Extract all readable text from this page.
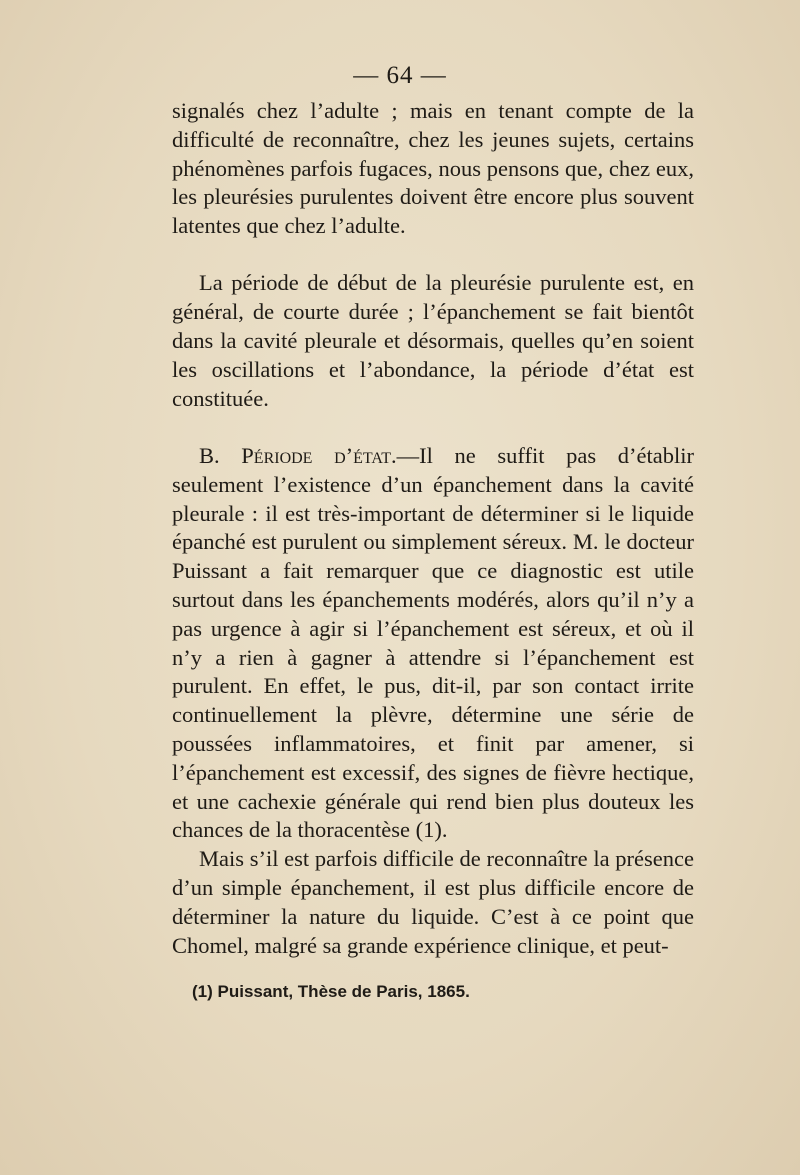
— 64 —

signalés chez l’adulte ; mais en tenant compte de la difficulté de reconnaître, chez les jeunes sujets, certains phénomènes parfois fugaces, nous pensons que, chez eux, les pleurésies purulentes doivent être encore plus souvent latentes que chez l’adulte.

La période de début de la pleurésie purulente est, en général, de courte durée ; l’épanchement se fait bientôt dans la cavité pleurale et désormais, quelles qu’en soient les oscillations et l’abondance, la période d’état est constituée.

B. Période d’état.—Il ne suffit pas d’établir seulement l’existence d’un épanchement dans la cavité pleurale : il est très-important de déterminer si le liquide épanché est purulent ou simplement séreux. M. le docteur Puissant a fait remarquer que ce diagnostic est utile surtout dans les épanchements modérés, alors qu’il n’y a pas urgence à agir si l’épanchement est séreux, et où il n’y a rien à gagner à attendre si l’épanchement est purulent. En effet, le pus, dit-il, par son contact irrite continuellement la plèvre, détermine une série de poussées inflammatoires, et finit par amener, si l’épanchement est excessif, des signes de fièvre hectique, et une cachexie générale qui rend bien plus douteux les chances de la thoracentèse (1).

Mais s’il est parfois difficile de reconnaître la présence d’un simple épanchement, il est plus difficile encore de déterminer la nature du liquide. C’est à ce point que Chomel, malgré sa grande expérience clinique, et peut-

(1) Puissant, Thèse de Paris, 1865.
